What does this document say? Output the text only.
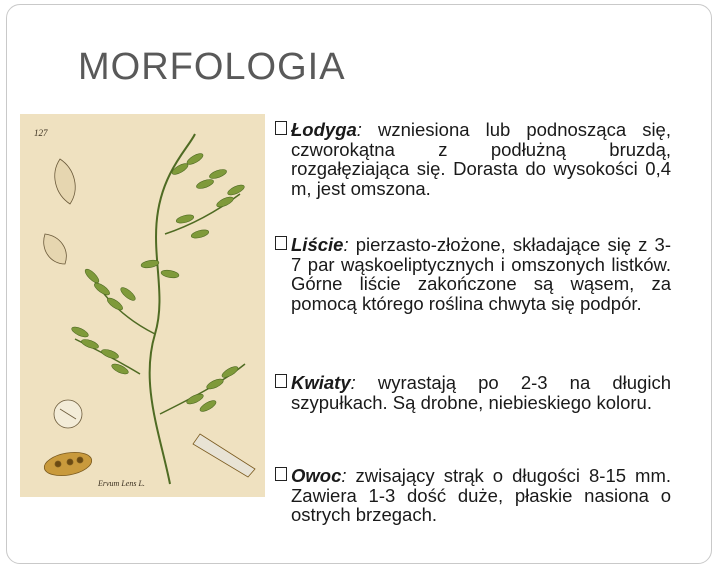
MORFOLOGIA
127
Ervum Lens L.
Łodyga: wzniesiona lub podnosząca się, czworokątna z podłużną bruzdą, rozgałęziająca się. Dorasta do wysokości 0,4 m, jest omszona.
Liście: pierzasto-złożone, składające się z 3-7 par wąskoeliptycznych i omszonych listków. Górne liście zakończone są wąsem, za pomocą którego roślina chwyta się podpór.
Kwiaty: wyrastają po 2-3 na długich szypułkach. Są drobne, niebieskiego koloru.
Owoc: zwisający strąk o długości 8-15 mm. Zawiera 1-3 dość duże, płaskie nasiona o ostrych brzegach.
